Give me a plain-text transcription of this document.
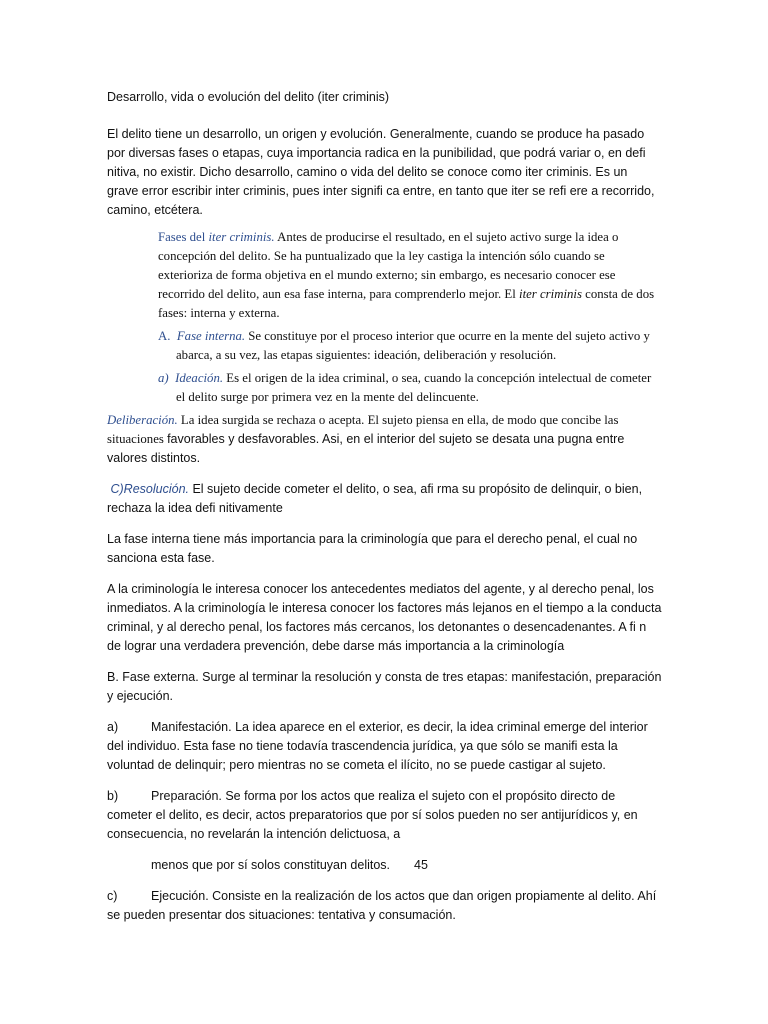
Desarrollo, vida o evolución del delito (iter criminis)

El delito tiene un desarrollo, un origen y evolución. Generalmente, cuando se produce ha pasado por diversas fases o etapas, cuya importancia radica en la punibilidad, que podrá variar o, en defi nitiva, no existir. Dicho desarrollo, camino o vida del delito se conoce como iter criminis. Es un grave error escribir inter criminis, pues inter signifi ca entre, en tanto que iter se refi ere a recorrido, camino, etcétera.

Fases del iter criminis. Antes de producirse el resultado, en el sujeto activo surge la idea o concepción del delito. Se ha puntualizado que la ley castiga la intención sólo cuando se exterioriza de forma objetiva en el mundo externo; sin embargo, es necesario conocer ese recorrido del delito, aun esa fase interna, para comprenderlo mejor. El iter criminis consta de dos fases: interna y externa.

A. Fase interna. Se constituye por el proceso interior que ocurre en la mente del sujeto activo y abarca, a su vez, las etapas siguientes: ideación, deliberación y resolución.

a) Ideación. Es el origen de la idea criminal, o sea, cuando la concepción intelectual de cometer el delito surge por primera vez en la mente del delincuente.

Deliberación. La idea surgida se rechaza o acepta. El sujeto piensa en ella, de modo que concibe las situaciones favorables y desfavorables. Asi, en el interior del sujeto se desata una pugna entre valores distintos.

C)Resolución. El sujeto decide cometer el delito, o sea, afi rma su propósito de delinquir, o bien, rechaza la idea defi nitivamente

La fase interna tiene más importancia para la criminología que para el derecho penal, el cual no sanciona esta fase.

A la criminología le interesa conocer los antecedentes mediatos del agente, y al derecho penal, los inmediatos. A la criminología le interesa conocer los factores más lejanos en el tiempo a la conducta criminal, y al derecho penal, los factores más cercanos, los detonantes o desencadenantes. A fi n de lograr una verdadera prevención, debe darse más importancia a la criminología

B. Fase externa. Surge al terminar la resolución y consta de tres etapas: manifestación, preparación y ejecución.

a)	Manifestación. La idea aparece en el exterior, es decir, la idea criminal emerge del interior del individuo. Esta fase no tiene todavía trascendencia jurídica, ya que sólo se manifi esta la voluntad de delinquir; pero mientras no se cometa el ilícito, no se puede castigar al sujeto.

b)	Preparación. Se forma por los actos que realiza el sujeto con el propósito directo de cometer el delito, es decir, actos preparatorios que por sí solos pueden no ser antijurídicos y, en consecuencia, no revelarán la intención delictuosa, a

menos que por sí solos constituyan delitos. 45

c)	Ejecución. Consiste en la realización de los actos que dan origen propiamente al delito. Ahí se pueden presentar dos situaciones: tentativa y consumación.
